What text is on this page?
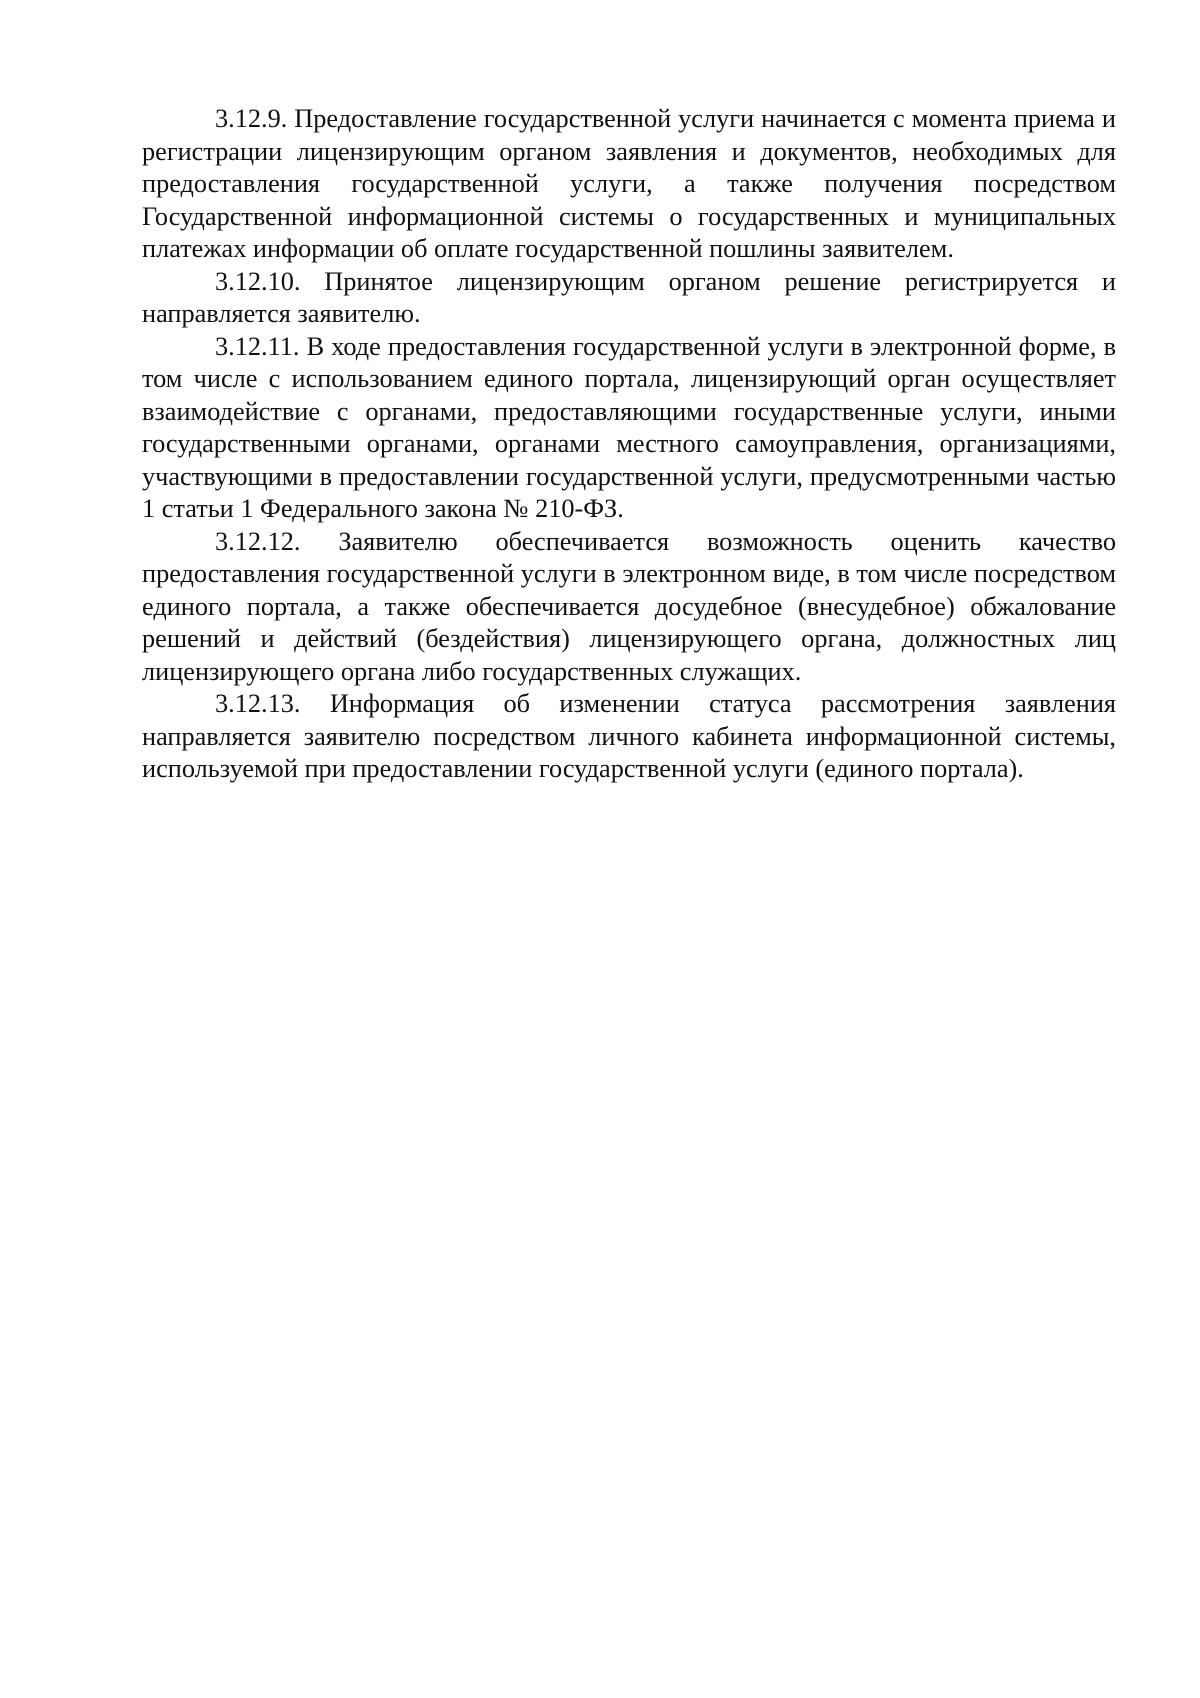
3.12.9. Предоставление государственной услуги начинается с момента приема и регистрации лицензирующим органом заявления и документов, необходимых для предоставления государственной услуги, а также получения посредством Государственной информационной системы о государственных и муниципальных платежах информации об оплате государственной пошлины заявителем.

3.12.10. Принятое лицензирующим органом решение регистрируется и направляется заявителю.

3.12.11. В ходе предоставления государственной услуги в электронной форме, в том числе с использованием единого портала, лицензирующий орган осуществляет взаимодействие с органами, предоставляющими государственные услуги, иными государственными органами, органами местного самоуправления, организациями, участвующими в предоставлении государственной услуги, предусмотренными частью 1 статьи 1 Федерального закона № 210-ФЗ.

3.12.12. Заявителю обеспечивается возможность оценить качество предоставления государственной услуги в электронном виде, в том числе посредством единого портала, а также обеспечивается досудебное (внесудебное) обжалование решений и действий (бездействия) лицензирующего органа, должностных лиц лицензирующего органа либо государственных служащих.

3.12.13. Информация об изменении статуса рассмотрения заявления направляется заявителю посредством личного кабинета информационной системы, используемой при предоставлении государственной услуги (единого портала).
